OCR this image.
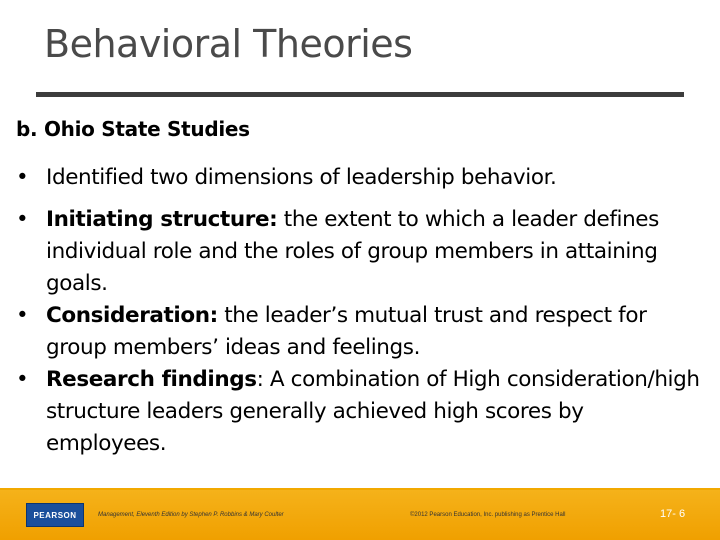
Behavioral Theories
b. Ohio State Studies
• Identified two dimensions of leadership behavior.
• Initiating structure: the extent to which a leader defines individual role and the roles of group members in attaining goals.
• Consideration: the leader’s mutual trust and respect for group members’ ideas and feelings.
• Research findings: A combination of High consideration/high structure leaders generally achieved high scores by employees.
PEARSON	Management, Eleventh Edition by Stephen P. Robbins & Mary Coulter	©2012 Pearson Education, Inc. publishing as Prentice Hall	17- 6
